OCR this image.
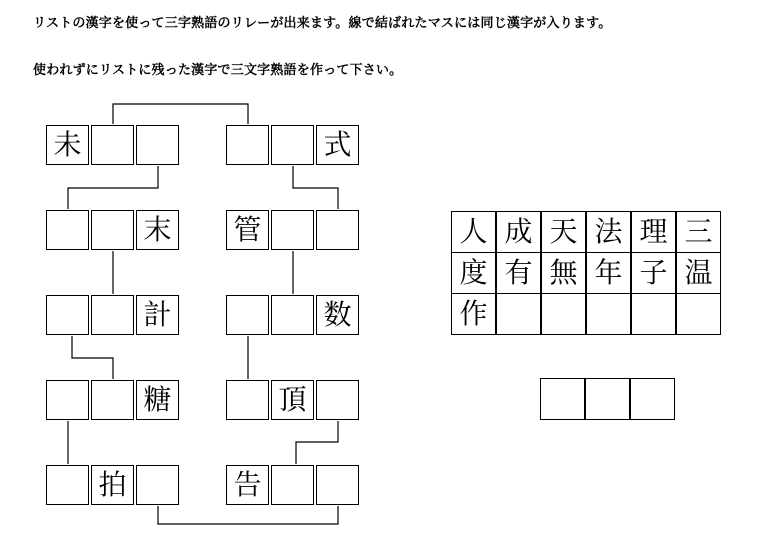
リストの漢字を使って三字熟語のリレーが出来ます。線で結ばれたマスには同じ漢字が入ります。
使われずにリストに残った漢字で三文字熟語を作って下さい。
未
末
計
糖
拍
式
管
数
頂
告
人 成 天 法 理 三
度 有 無 年 子 温
作
